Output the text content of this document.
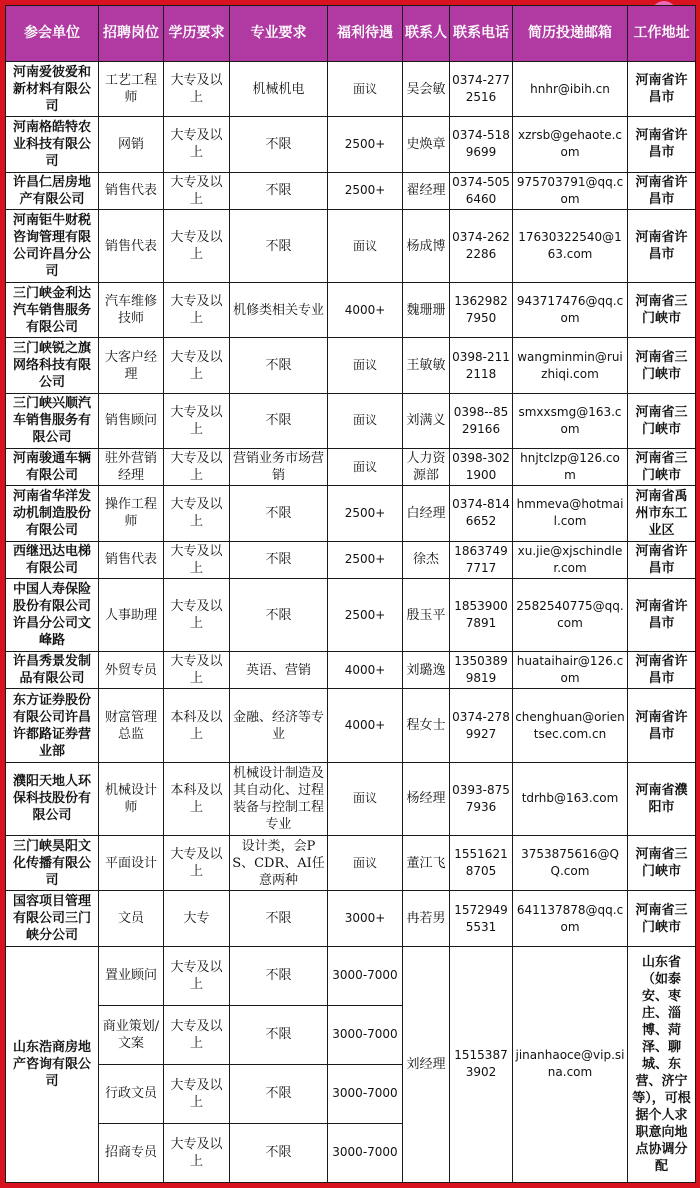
参会单位	招聘岗位	学历要求	专业要求	福利待遇	联系人	联系电话	简历投递邮箱	工作地址
河南爱彼爱和新材料有限公司	工艺工程师	大专及以上	机械机电	面议	吴会敏	0374-2772516	hnhr@ibih.cn	河南省许昌市
河南格皓特农业科技有限公司	网销	大专及以上	不限	2500+	史焕章	0374-5189699	xzrsb@gehaote.com	河南省许昌市
许昌仁居房地产有限公司	销售代表	大专及以上	不限	2500+	翟经理	0374-5056460	975703791@qq.com	河南省许昌市
河南钜牛财税咨询管理有限公司许昌分公司	销售代表	大专及以上	不限	面议	杨成博	0374-2622286	17630322540@163.com	河南省许昌市
三门峡金利达汽车销售服务有限公司	汽车维修技师	大专及以上	机修类相关专业	4000+	魏珊珊	13629827950	943717476@qq.com	河南省三门峡市
三门峡锐之旗网络科技有限公司	大客户经理	大专及以上	不限	面议	王敏敏	0398-2112118	wangminmin@ruizhiqi.com	河南省三门峡市
三门峡兴顺汽车销售服务有限公司	销售顾问	大专及以上	不限	面议	刘满义	0398--8529166	smxxsmg@163.com	河南省三门峡市
河南骏通车辆有限公司	驻外营销经理	大专及以上	营销业务市场营销	面议	人力资源部	0398-3021900	hnjtclzp@126.com	河南省三门峡市
河南省华洋发动机制造股份有限公司	操作工程师	大专及以上	不限	2500+	白经理	0374-8146652	hmmeva@hotmail.com	河南省禹州市东工业区
西继迅达电梯有限公司	销售代表	大专及以上	不限	2500+	徐杰	18637497717	xu.jie@xjschindler.com	河南省许昌市
中国人寿保险股份有限公司许昌分公司文峰路	人事助理	大专及以上	不限	2500+	殷玉平	18539007891	2582540775@qq.com	河南省许昌市
许昌秀景发制品有限公司	外贸专员	大专及以上	英语、营销	4000+	刘璐逸	13503899819	huataihair@126.com	河南省许昌市
东方证券股份有限公司许昌许都路证券营业部	财富管理总监	本科及以上	金融、经济等专业	4000+	程女士	0374-2789927	chenghuan@orientsec.com.cn	河南省许昌市
濮阳天地人环保科技股份有限公司	机械设计师	本科及以上	机械设计制造及其自动化、过程装备与控制工程专业	面议	杨经理	0393-8757936	tdrhb@163.com	河南省濮阳市
三门峡昊阳文化传播有限公司	平面设计	大专及以上	设计类，会PS、CDR、AI任意两种	面议	董江飞	15516218705	3753875616@QQ.com	河南省三门峡市
国容项目管理有限公司三门峡分公司	文员	大专	不限	3000+	冉若男	15729495531	641137878@qq.com	河南省三门峡市
山东浩商房地产咨询有限公司	置业顾问	大专及以上	不限	3000-7000	刘经理	15153873902	jinanhaoce@vip.sina.com	山东省（如泰安、枣庄、淄博、菏泽、聊城、东营、济宁等），可根据个人求职意向地点协调分配
	商业策划/文案	大专及以上	不限	3000-7000				
	行政文员	大专及以上	不限	3000-7000				
	招商专员	大专及以上	不限	3000-7000				
